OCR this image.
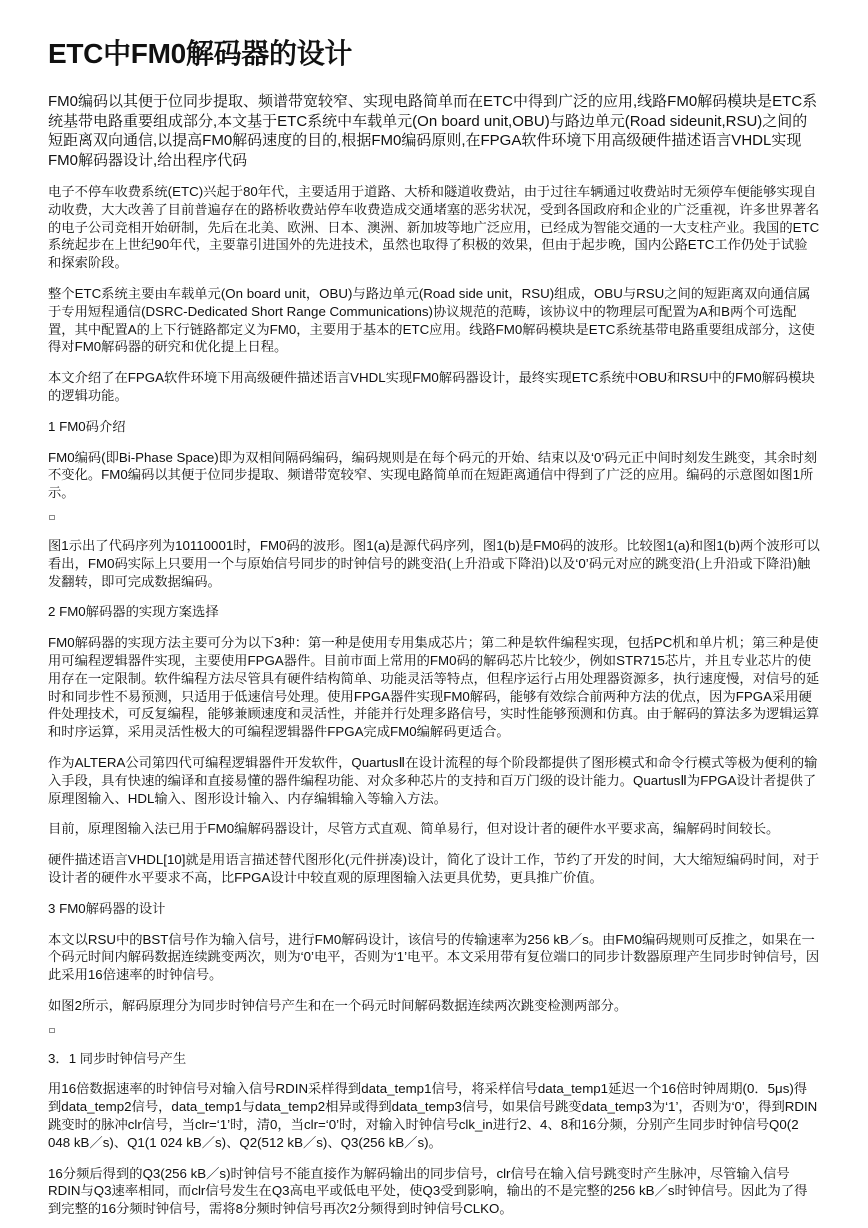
ETC中FM0解码器的设计

FM0编码以其便于位同步提取、频谱带宽较窄、实现电路简单而在ETC中得到广泛的应用,线路FM0解码模块是ETC系统基带电路重要组成部分,本文基于ETC系统中车载单元(On board unit,OBU)与路边单元(Road sideunit,RSU)之间的短距离双向通信,以提高FM0解码速度的目的,根据FM0编码原则,在FPGA软件环境下用高级硬件描述语言VHDL实现FM0解码器设计,给出程序代码

电子不停车收费系统(ETC)兴起于80年代，主要适用于道路、大桥和隧道收费站，由于过往车辆通过收费站时无须停车便能够实现自动收费，大大改善了目前普遍存在的路桥收费站停车收费造成交通堵塞的恶劣状况，受到各国政府和企业的广泛重视，许多世界著名的电子公司竞相开始研制，先后在北美、欧洲、日本、澳洲、新加坡等地广泛应用，已经成为智能交通的一大支柱产业。我国的ETC系统起步在上世纪90年代，主要靠引进国外的先进技术，虽然也取得了积极的效果，但由于起步晚，国内公路ETC工作仍处于试验和探索阶段。

整个ETC系统主要由车载单元(On board unit，OBU)与路边单元(Road side unit，RSU)组成，OBU与RSU之间的短距离双向通信属于专用短程通信(DSRC-Dedicated Short Range Communications)协议规范的范畴，该协议中的物理层可配置为A和B两个可选配置，其中配置A的上下行链路都定义为FM0，主要用于基本的ETC应用。线路FM0解码模块是ETC系统基带电路重要组成部分，这使得对FM0解码器的研究和优化提上日程。

本文介绍了在FPGA软件环境下用高级硬件描述语言VHDL实现FM0解码器设计，最终实现ETC系统中OBU和RSU中的FM0解码模块的逻辑功能。

1 FM0码介绍

FM0编码(即Bi-Phase Space)即为双相间隔码编码，编码规则是在每个码元的开始、结束以及‘0’码元正中间时刻发生跳变，其余时刻不变化。FM0编码以其便于位同步提取、频谱带宽较窄、实现电路简单而在短距离通信中得到了广泛的应用。编码的示意图如图1所示。

图1示出了代码序列为10110001时，FM0码的波形。图1(a)是源代码序列，图1(b)是FM0码的波形。比较图1(a)和图1(b)两个波形可以看出，FM0码实际上只要用一个与原始信号同步的时钟信号的跳变沿(上升沿或下降沿)以及‘0’码元对应的跳变沿(上升沿或下降沿)触发翻转，即可完成数据编码。

2 FM0解码器的实现方案选择

FM0解码器的实现方法主要可分为以下3种：第一种是使用专用集成芯片；第二种是软件编程实现，包括PC机和单片机；第三种是使用可编程逻辑器件实现，主要使用FPGA器件。目前市面上常用的FM0码的解码芯片比较少，例如STR715芯片，并且专业芯片的使用存在一定限制。软件编程方法尽管具有硬件结构简单、功能灵活等特点，但程序运行占用处理器资源多，执行速度慢，对信号的延时和同步性不易预测，只适用于低速信号处理。使用FPGA器件实现FM0解码，能够有效综合前两种方法的优点，因为FPGA采用硬件处理技术，可反复编程，能够兼顾速度和灵活性，并能并行处理多路信号，实时性能够预测和仿真。由于解码的算法多为逻辑运算和时序运算，采用灵活性极大的可编程逻辑器件FPGA完成FM0编解码更适合。

作为ALTERA公司第四代可编程逻辑器件开发软件，QuartusⅡ在设计流程的每个阶段都提供了图形模式和命令行模式等极为便利的输入手段，具有快速的编译和直接易懂的器件编程功能、对众多种芯片的支持和百万门级的设计能力。QuartusⅡ为FPGA设计者提供了原理图输入、HDL输入、图形设计输入、内存编辑输入等输入方法。

目前，原理图输入法已用于FM0编解码器设计，尽管方式直观、简单易行，但对设计者的硬件水平要求高，编解码时间较长。

硬件描述语言VHDL[10]就是用语言描述替代图形化(元件拼凑)设计，简化了设计工作，节约了开发的时间，大大缩短编码时间，对于设计者的硬件水平要求不高，比FPGA设计中较直观的原理图输入法更具优势，更具推广价值。

3 FM0解码器的设计

本文以RSU中的BST信号作为输入信号，进行FM0解码设计，该信号的传输速率为256 kB／s。由FM0编码规则可反推之，如果在一个码元时间内解码数据连续跳变两次，则为‘0’电平，否则为‘1’电平。本文采用带有复位端口的同步计数器原理产生同步时钟信号，因此采用16倍速率的时钟信号。

如图2所示，解码原理分为同步时钟信号产生和在一个码元时间解码数据连续两次跳变检测两部分。

3．1 同步时钟信号产生

用16倍数据速率的时钟信号对输入信号RDIN采样得到data_temp1信号，将采样信号data_temp1延迟一个16倍时钟周期(0．5μs)得到data_temp2信号，data_temp1与data_temp2相异或得到data_temp3信号，如果信号跳变data_temp3为‘1’，否则为‘0’，得到RDIN跳变时的脉冲clr信号，当clr=‘1’时，清0，当clr=‘0’时，对输入时钟信号clk_in进行2、4、8和16分频，分别产生同步时钟信号Q0(2 048 kB／s)、Q1(1 024 kB／s)、Q2(512 kB／s)、Q3(256 kB／s)。

16分频后得到的Q3(256 kB／s)时钟信号不能直接作为解码输出的同步信号，clr信号在输入信号跳变时产生脉冲，尽管输入信号RDIN与Q3速率相同，而clr信号发生在Q3高电平或低电平处，使Q3受到影响，输出的不是完整的256 kB／s时钟信号。因此为了得到完整的16分频时钟信号，需将8分频时钟信号再次2分频得到时钟信号CLKO。
